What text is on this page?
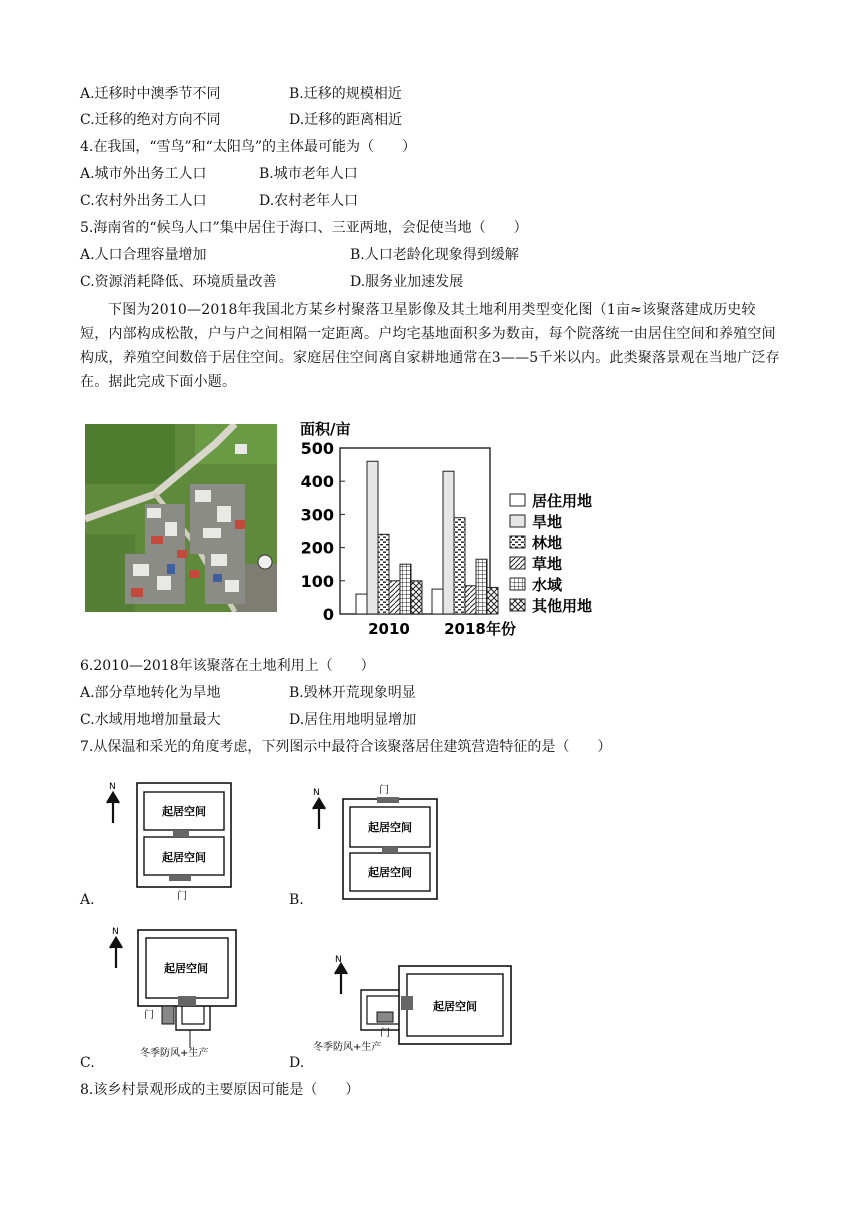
A.迁移时中澳季节不同	B.迁移的规模相近
C.迁移的绝对方向不同	D.迁移的距离相近
4.在我国，“雪鸟”和“太阳鸟”的主体最可能为（　　）
A.城市外出务工人口	B.城市老年人口
C.农村外出务工人口	D.农村老年人口
5.海南省的“候鸟人口”集中居住于海口、三亚两地，会促使当地（　　）
A.人口合理容量增加	B.人口老龄化现象得到缓解
C.资源消耗降低、环境质量改善	D.服务业加速发展
下图为2010—2018年我国北方某乡村聚落卫星影像及其土地利用类型变化图（1亩≈该聚落建成历史较短，内部构成松散，户与户之间相隔一定距离。户均宅基地面积多为数亩，每个院落统一由居住空间和养殖空间构成，养殖空间数倍于居住空间。家庭居住空间离自家耕地通常在3——5千米以内。此类聚落景观在当地广泛存在。据此完成下面小题。
0
100
200
300
400
500
面积/亩
2010 2018 年份
居住用地
旱地
林地
草地
水域
其他用地
6.2010—2018年该聚落在土地利用上（　　）
A.部分草地转化为旱地	B.毁林开荒现象明显
C.水域用地增加量最大	D.居住用地明显增加
7.从保温和采光的角度考虑，下列图示中最符合该聚落居住建筑营造特征的是（　　）
N
起居空间
起居空间
门
A.
N	门
起居空间
起居空间
B.
N
起居空间
门
冬季防风+生产
C.
N
起居空间
门
冬季防风+生产
D.
8.该乡村景观形成的主要原因可能是（　　）
